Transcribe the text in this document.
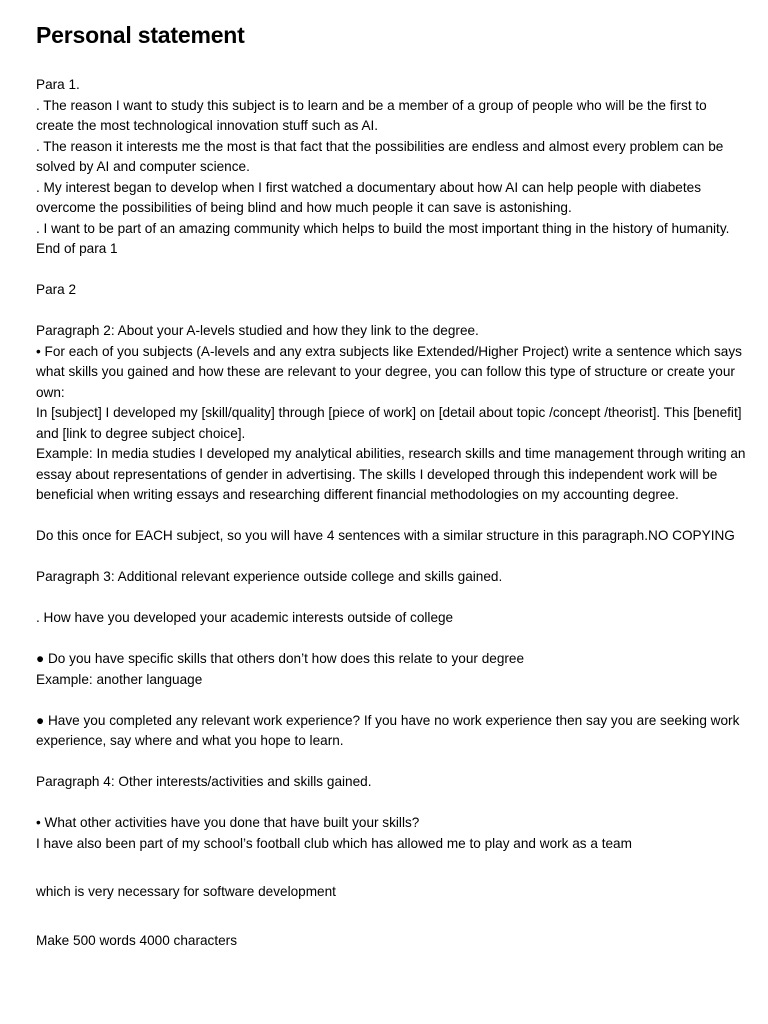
Personal statement
Para 1.
. The reason I want to study this subject is to learn and be a member of a group of people who will be the first to create the most technological innovation stuff such as AI.
. The reason it interests me the most is that fact that the possibilities are endless and almost every problem can be solved by AI and computer science.
. My interest began to develop when I first watched a documentary about how AI can help people with diabetes overcome the possibilities of being blind and how much people it can save is astonishing.
. I want to be part of an amazing community which helps to build the most important thing in the history of humanity.
End of para 1
Para 2
Paragraph 2: About your A-levels studied and how they link to the degree.
• For each of you subjects (A-levels and any extra subjects like Extended/Higher Project) write a sentence which says what skills you gained and how these are relevant to your degree, you can follow this type of structure or create your own:
In [subject] I developed my [skill/quality] through [piece of work] on [detail about topic /concept /theorist]. This [benefit] and [link to degree subject choice].
Example: In media studies I developed my analytical abilities, research skills and time management through writing an essay about representations of gender in advertising. The skills I developed through this independent work will be beneficial when writing essays and researching different financial methodologies on my accounting degree.
Do this once for EACH subject, so you will have 4 sentences with a similar structure in this paragraph.NO COPYING
Paragraph 3: Additional relevant experience outside college and skills gained.
. How have you developed your academic interests outside of college
● Do you have specific skills that others don’t how does this relate to your degree
Example: another language
● Have you completed any relevant work experience? If you have no work experience then say you are seeking work experience, say where and what you hope to learn.
Paragraph 4: Other interests/activities and skills gained.
• What other activities have you done that have built your skills?
I have also been part of my school’s football club which has allowed me to play and work as a team
which is very necessary for software development
Make 500 words 4000 characters
